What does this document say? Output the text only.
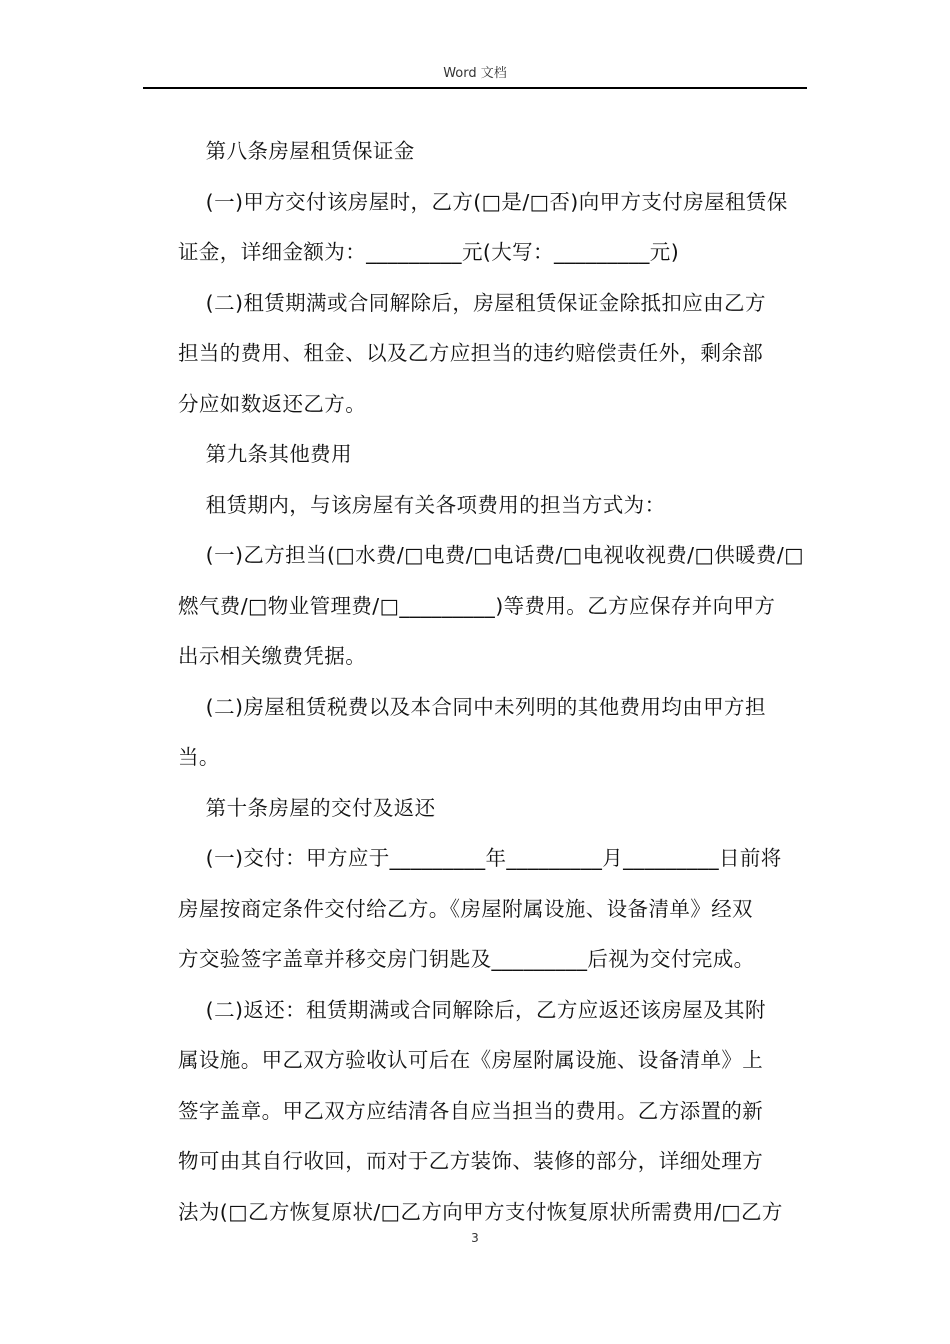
Word 文档
第八条房屋租赁保证金
(一)甲方交付该房屋时，乙方(□是/□否)向甲方支付房屋租赁保
证金，详细金额为：_________元(大写：_________元)
(二)租赁期满或合同解除后，房屋租赁保证金除抵扣应由乙方
担当的费用、租金、以及乙方应担当的违约赔偿责任外，剩余部
分应如数返还乙方。
第九条其他费用
租赁期内，与该房屋有关各项费用的担当方式为：
(一)乙方担当(□水费/□电费/□电话费/□电视收视费/□供暖费/□
燃气费/□物业管理费/□_________)等费用。乙方应保存并向甲方
出示相关缴费凭据。
(二)房屋租赁税费以及本合同中未列明的其他费用均由甲方担
当。
第十条房屋的交付及返还
(一)交付：甲方应于_________年_________月_________日前将
房屋按商定条件交付给乙方。《房屋附属设施、设备清单》经双
方交验签字盖章并移交房门钥匙及_________后视为交付完成。
(二)返还：租赁期满或合同解除后，乙方应返还该房屋及其附
属设施。甲乙双方验收认可后在《房屋附属设施、设备清单》上
签字盖章。甲乙双方应结清各自应当担当的费用。乙方添置的新
物可由其自行收回，而对于乙方装饰、装修的部分，详细处理方
法为(□乙方恢复原状/□乙方向甲方支付恢复原状所需费用/□乙方
3
